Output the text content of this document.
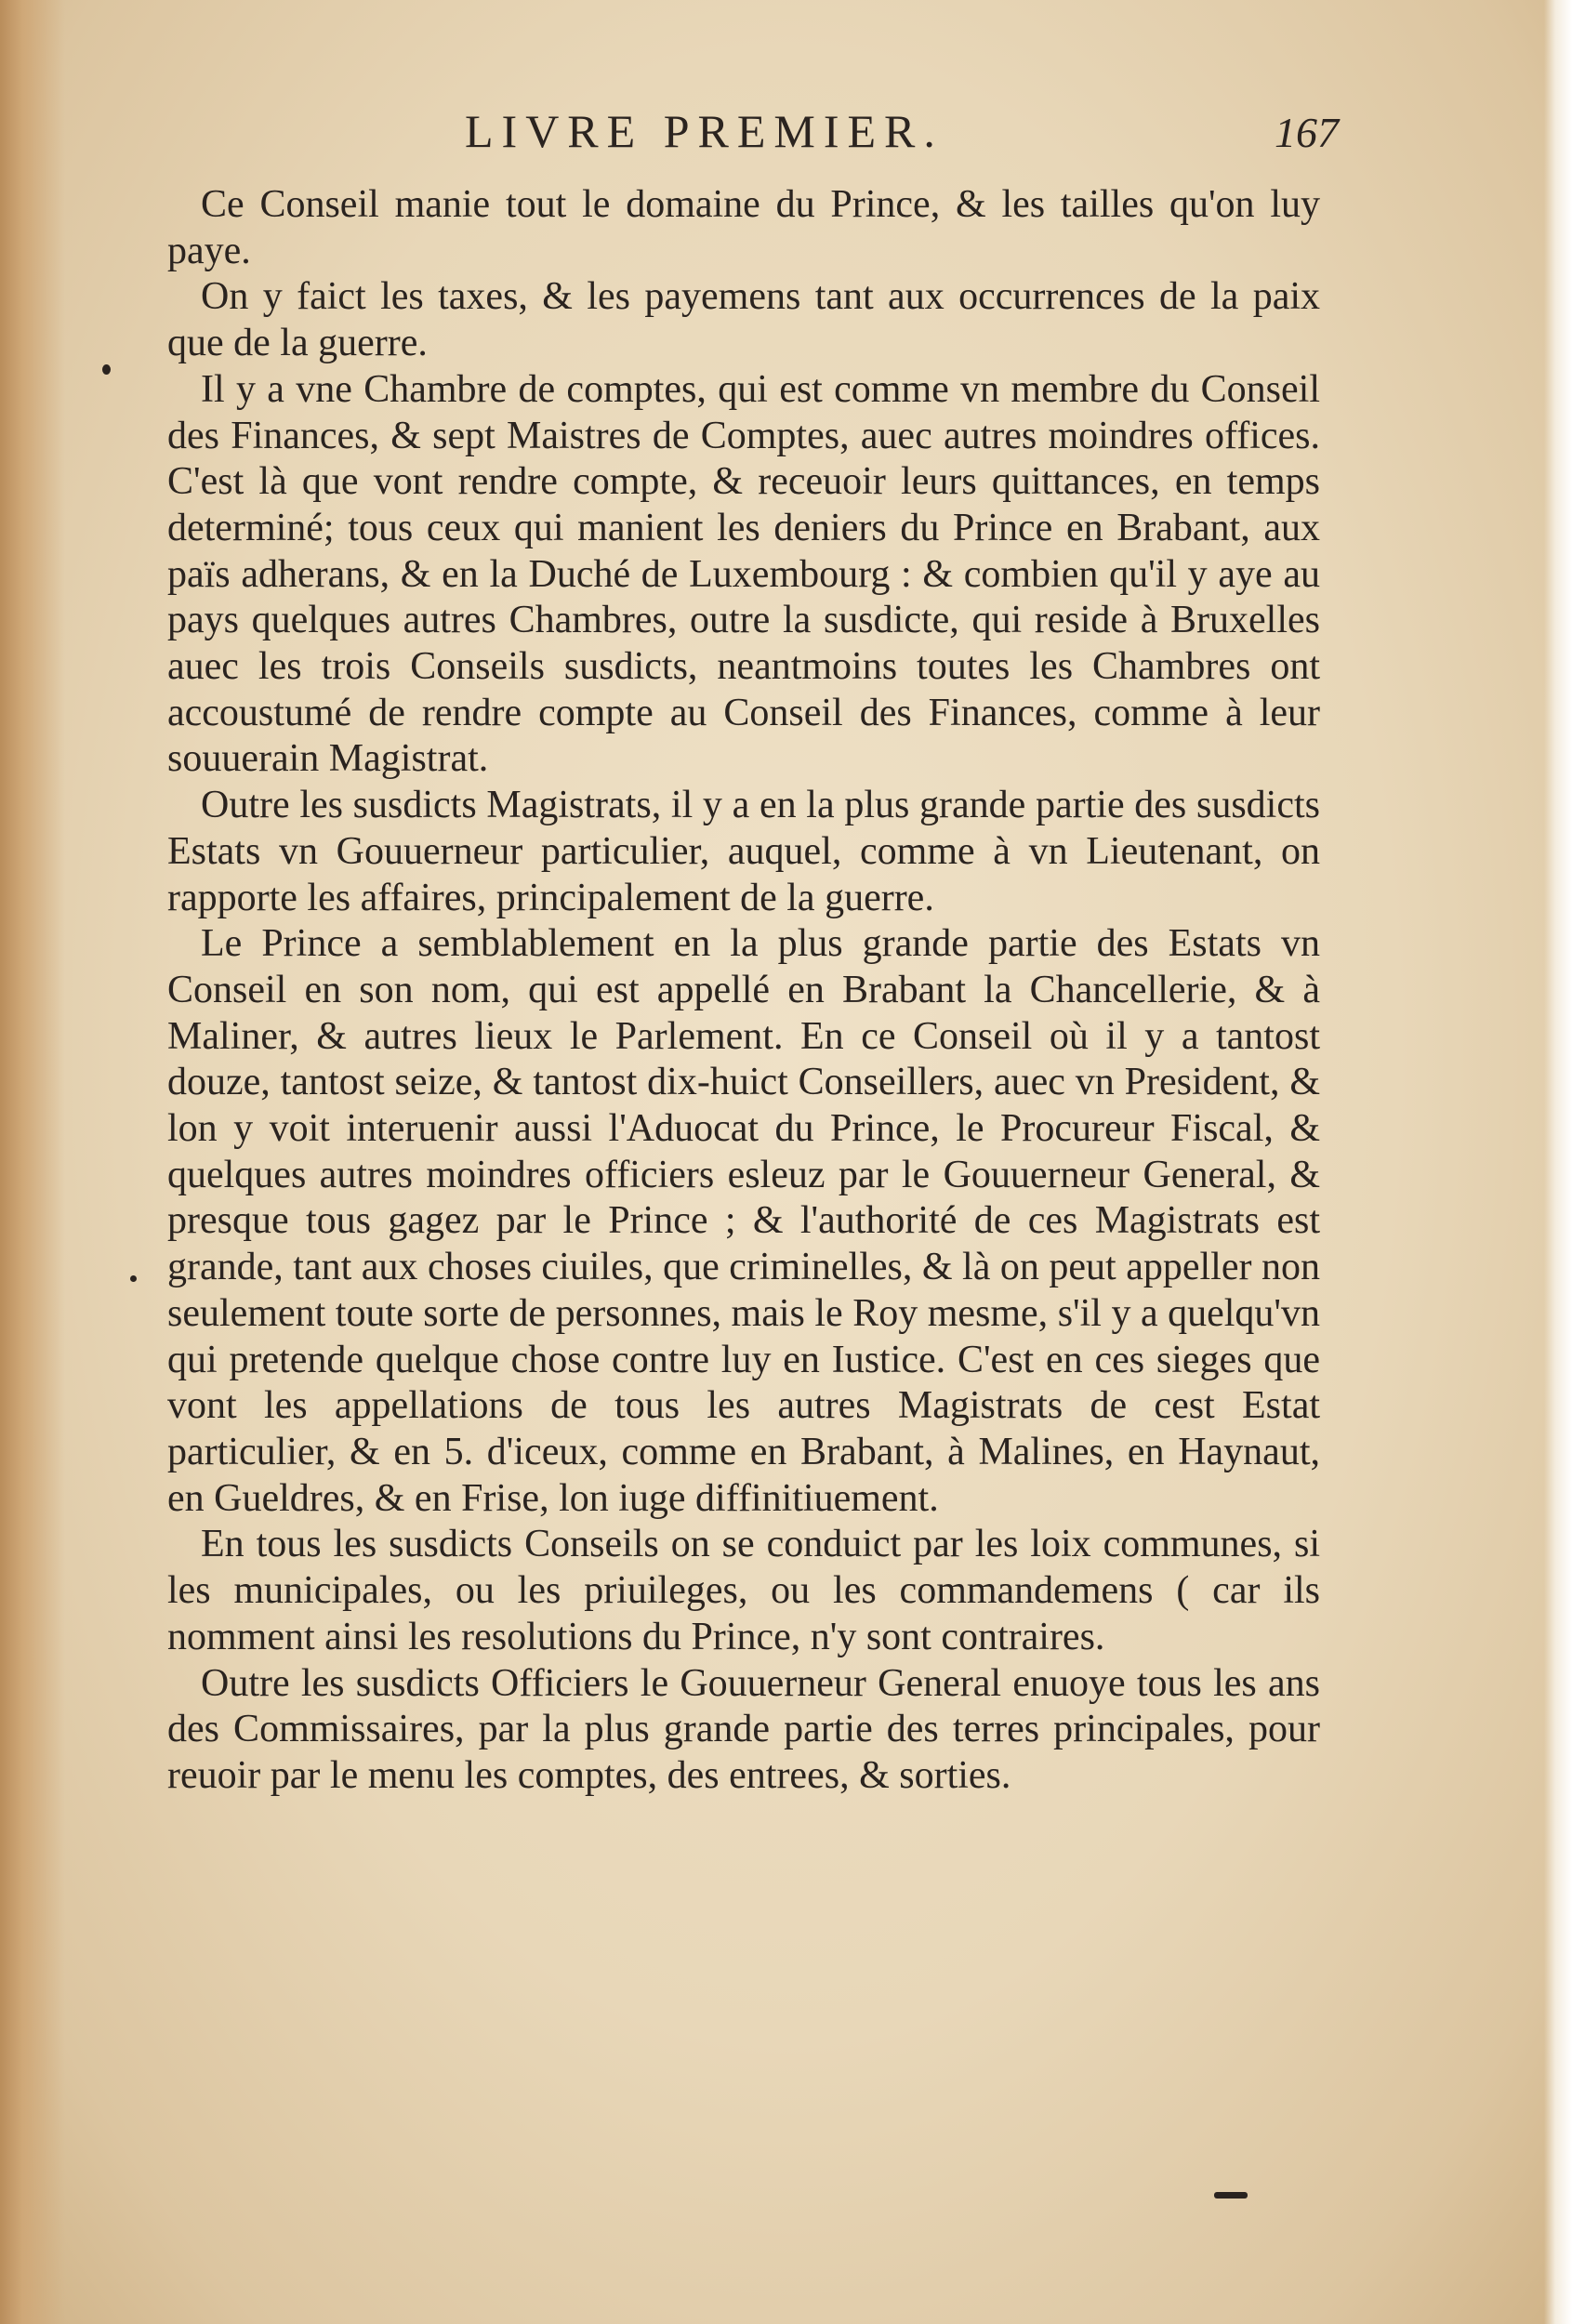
LIVRE PREMIER.	167

Ce Conseil manie tout le domaine du Prince, & les tailles qu'on luy paye.

On y faict les taxes, & les payemens tant aux occurrences de la paix que de la guerre.

Il y a vne Chambre de comptes, qui est comme vn membre du Conseil des Finances, & sept Maistres de Comptes, auec autres moindres offices. C'est là que vont rendre compte, & receuoir leurs quittances, en temps determiné; tous ceux qui manient les deniers du Prince en Brabant, aux païs adherans, & en la Duché de Luxembourg : & combien qu'il y aye au pays quelques autres Chambres, outre la susdicte, qui reside à Bruxelles auec les trois Conseils susdicts, neantmoins toutes les Chambres ont accoustumé de rendre compte au Conseil des Finances, comme à leur souuerain Magistrat.

Outre les susdicts Magistrats, il y a en la plus grande partie des susdicts Estats vn Gouuerneur particulier, auquel, comme à vn Lieutenant, on rapporte les affaires, principalement de la guerre.

Le Prince a semblablement en la plus grande partie des Estats vn Conseil en son nom, qui est appellé en Brabant la Chancellerie, & à Maliner, & autres lieux le Parlement. En ce Conseil où il y a tantost douze, tantost seize, & tantost dix-huict Conseillers, auec vn President, & lon y voit interuenir aussi l'Aduocat du Prince, le Procureur Fiscal, & quelques autres moindres officiers esleuz par le Gouuerneur General, & presque tous gagez par le Prince ; & l'authorité de ces Magistrats est grande, tant aux choses ciuiles, que criminelles, & là on peut appeller non seulement toute sorte de personnes, mais le Roy mesme, s'il y a quelqu'vn qui pretende quelque chose contre luy en Iustice. C'est en ces sieges que vont les appellations de tous les autres Magistrats de cest Estat particulier, & en 5. d'iceux, comme en Brabant, à Malines, en Haynaut, en Gueldres, & en Frise, lon iuge diffinitiuement.

En tous les susdicts Conseils on se conduict par les loix communes, si les municipales, ou les priuileges, ou les commandemens ( car ils nomment ainsi les resolutions du Prince, n'y sont contraires.

Outre les susdicts Officiers le Gouuerneur General enuoye tous les ans des Commissaires, par la plus grande partie des terres principales, pour reuoir par le menu les comptes, des entrees, & sorties.
